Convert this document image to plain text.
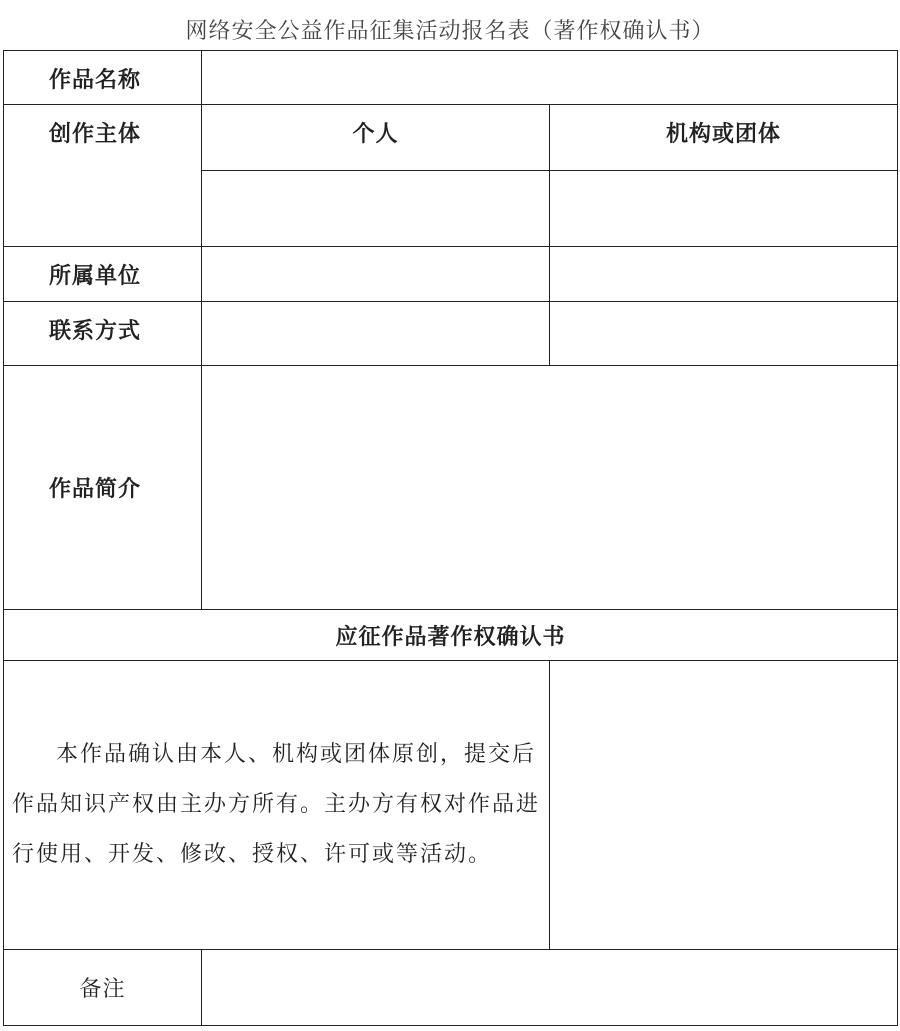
网络安全公益作品征集活动报名表（著作权确认书）
作品名称		
创作主体	个人	机构或团体

所属单位		
联系方式		
作品简介		
应征作品著作权确认书		
本作品确认由本人、机构或团体原创，提交后作品知识产权由主办方所有。主办方有权对作品进行使用、开发、修改、授权、许可或等活动。		
备注		
